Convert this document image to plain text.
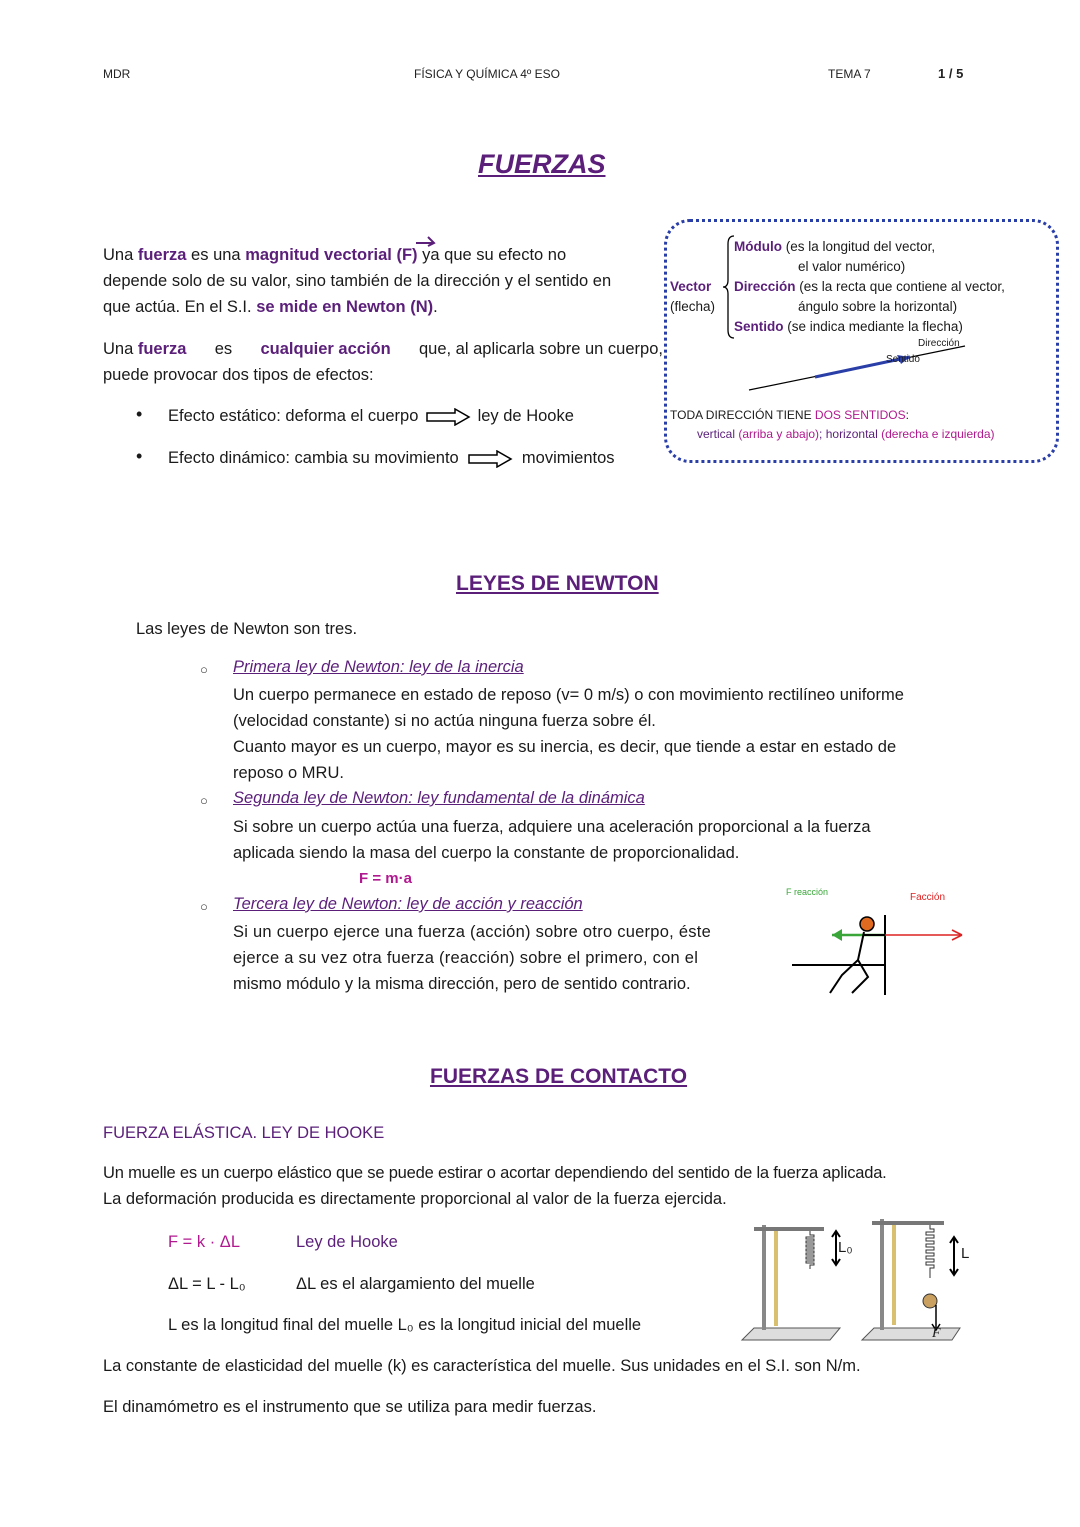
MDR	FÍSICA Y QUÍMICA 4º ESO	TEMA 7	1 / 5
FUERZAS
Una fuerza es una magnitud vectorial (F) ya que su efecto no
depende solo de su valor, sino también de la dirección y el sentido en
que actúa. En el S.I. se mide en Newton (N).
Una fuerza es cualquier acción que, al aplicarla sobre un cuerpo,
puede provocar dos tipos de efectos:
• Efecto estático: deforma el cuerpo	ley de Hooke
• Efecto dinámico: cambia su movimiento	movimientos
Vector
(flecha)
Módulo (es la longitud del vector,
el valor numérico)
Dirección (es la recta que contiene al vector,
ángulo sobre la horizontal)
Sentido (se indica mediante la flecha)
Dirección
Sentido
TODA DIRECCIÓN TIENE DOS SENTIDOS:
vertical (arriba y abajo); horizontal (derecha e izquierda)
LEYES DE NEWTON
Las leyes de Newton son tres.
○ Primera ley de Newton: ley de la inercia
Un cuerpo permanece en estado de reposo (v= 0 m/s) o con movimiento rectilíneo uniforme
(velocidad constante) si no actúa ninguna fuerza sobre él.
Cuanto mayor es un cuerpo, mayor es su inercia, es decir, que tiende a estar en estado de
reposo o MRU.
○ Segunda ley de Newton: ley fundamental de la dinámica
Si sobre un cuerpo actúa una fuerza, adquiere una aceleración proporcional a la fuerza
aplicada siendo la masa del cuerpo la constante de proporcionalidad.
F = m·a
○ Tercera ley de Newton: ley de acción y reacción
Si un cuerpo ejerce una fuerza (acción) sobre otro cuerpo, éste
ejerce a su vez otra fuerza (reacción) sobre el primero, con el
mismo módulo y la misma dirección, pero de sentido contrario.
F reacción	Facción
FUERZAS DE CONTACTO
FUERZA ELÁSTICA. LEY DE HOOKE
Un muelle es un cuerpo elástico que se puede estirar o acortar dependiendo del sentido de la fuerza aplicada.
La deformación producida es directamente proporcional al valor de la fuerza ejercida.
F = k · ΔL	Ley de Hooke
ΔL = L - L₀	ΔL es el alargamiento del muelle
L es la longitud final del muelle L₀ es la longitud inicial del muelle
L₀	L
F
La constante de elasticidad del muelle (k) es característica del muelle. Sus unidades en el S.I. son N/m.
El dinamómetro es el instrumento que se utiliza para medir fuerzas.
